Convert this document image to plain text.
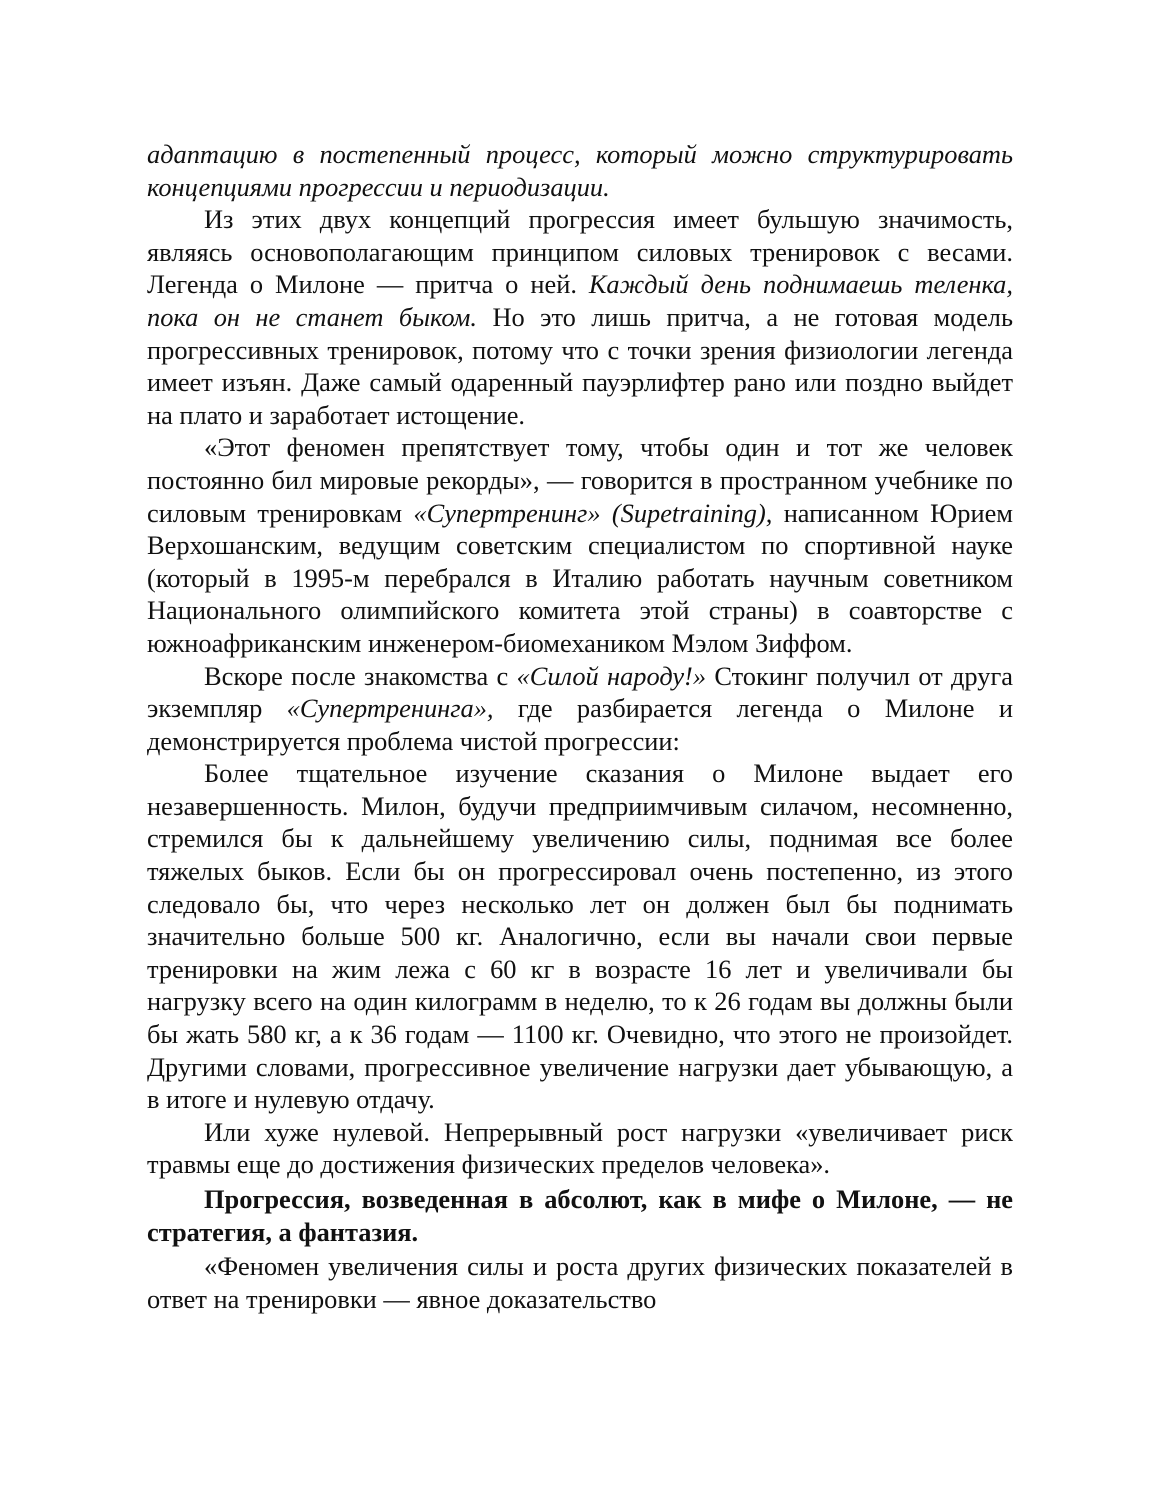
адаптацию в постепенный процесс, который можно структурировать концепциями прогрессии и периодизации.

Из этих двух концепций прогрессия имеет бульшую значимость, являясь основополагающим принципом силовых тренировок с весами. Легенда о Милоне — притча о ней. Каждый день поднимаешь теленка, пока он не станет быком. Но это лишь притча, а не готовая модель прогрессивных тренировок, потому что с точки зрения физиологии легенда имеет изъян. Даже самый одаренный пауэрлифтер рано или поздно выйдет на плато и заработает истощение.

«Этот феномен препятствует тому, чтобы один и тот же человек постоянно бил мировые рекорды», — говорится в пространном учебнике по силовым тренировкам «Супертренинг» (Supetraining), написанном Юрием Верхошанским, ведущим советским специалистом по спортивной науке (который в 1995-м перебрался в Италию работать научным советником Национального олимпийского комитета этой страны) в соавторстве с южноафриканским инженером-биомехаником Мэлом Зиффом.

Вскоре после знакомства с «Силой народу!» Стокинг получил от друга экземпляр «Супертренинга», где разбирается легенда о Милоне и демонстрируется проблема чистой прогрессии:

Более тщательное изучение сказания о Милоне выдает его незавершенность. Милон, будучи предприимчивым силачом, несомненно, стремился бы к дальнейшему увеличению силы, поднимая все более тяжелых быков. Если бы он прогрессировал очень постепенно, из этого следовало бы, что через несколько лет он должен был бы поднимать значительно больше 500 кг. Аналогично, если вы начали свои первые тренировки на жим лежа с 60 кг в возрасте 16 лет и увеличивали бы нагрузку всего на один килограмм в неделю, то к 26 годам вы должны были бы жать 580 кг, а к 36 годам — 1100 кг. Очевидно, что этого не произойдет. Другими словами, прогрессивное увеличение нагрузки дает убывающую, а в итоге и нулевую отдачу.

Или хуже нулевой. Непрерывный рост нагрузки «увеличивает риск травмы еще до достижения физических пределов человека».

Прогрессия, возведенная в абсолют, как в мифе о Милоне, — не стратегия, а фантазия.

«Феномен увеличения силы и роста других физических показателей в ответ на тренировки — явное доказательство
